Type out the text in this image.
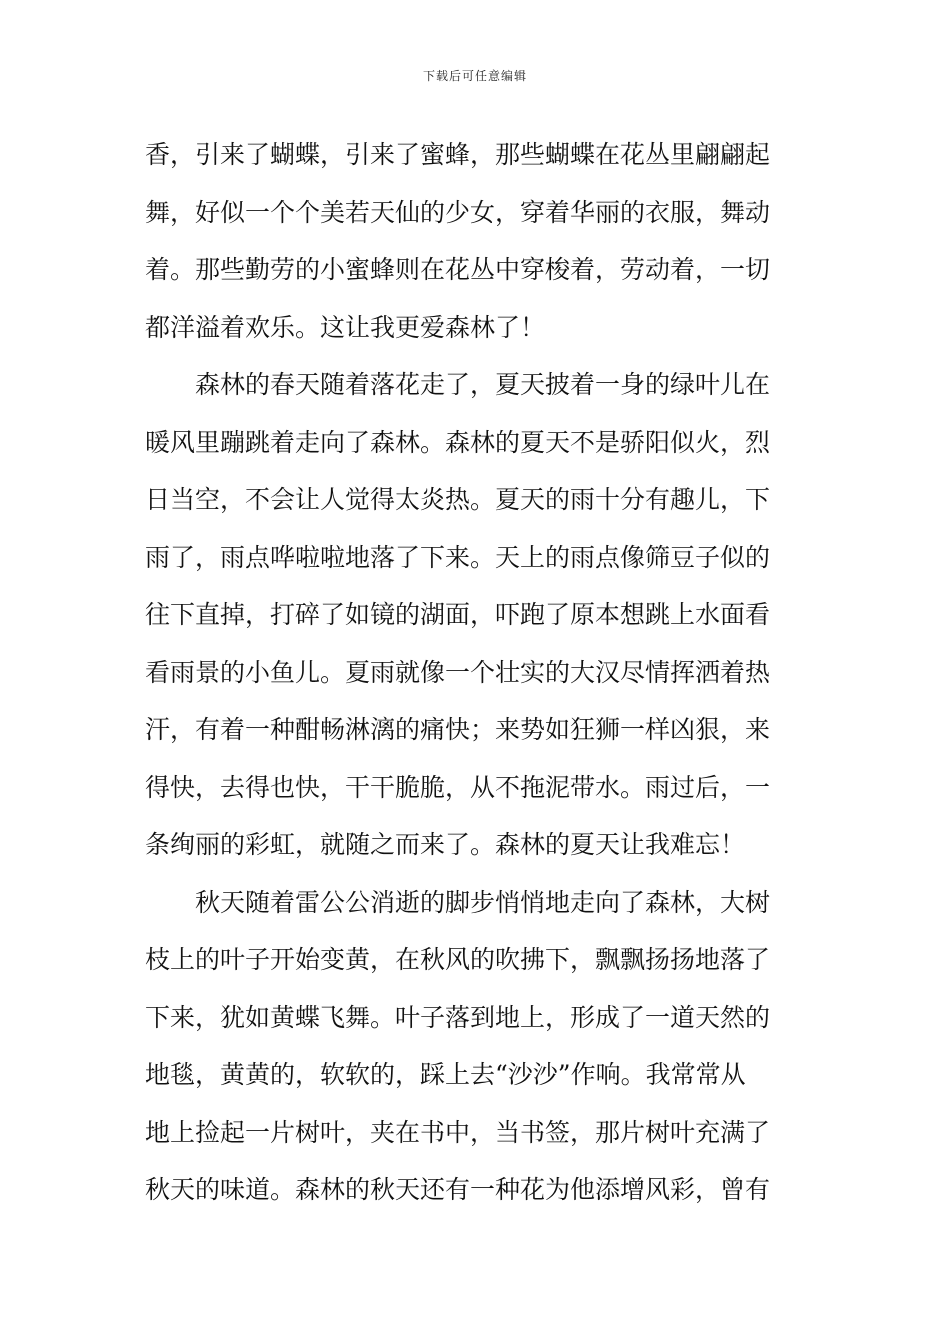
下载后可任意编辑
香，引来了蝴蝶，引来了蜜蜂，那些蝴蝶在花丛里翩翩起
舞，好似一个个美若天仙的少女，穿着华丽的衣服，舞动
着。那些勤劳的小蜜蜂则在花丛中穿梭着，劳动着，一切
都洋溢着欢乐。这让我更爱森林了！
　　森林的春天随着落花走了，夏天披着一身的绿叶儿在
暖风里蹦跳着走向了森林。森林的夏天不是骄阳似火，烈
日当空，不会让人觉得太炎热。夏天的雨十分有趣儿，下
雨了，雨点哗啦啦地落了下来。天上的雨点像筛豆子似的
往下直掉，打碎了如镜的湖面，吓跑了原本想跳上水面看
看雨景的小鱼儿。夏雨就像一个壮实的大汉尽情挥洒着热
汗，有着一种酣畅淋漓的痛快；来势如狂狮一样凶狠，来
得快，去得也快，干干脆脆，从不拖泥带水。雨过后，一
条绚丽的彩虹，就随之而来了。森林的夏天让我难忘！
　　秋天随着雷公公消逝的脚步悄悄地走向了森林，大树
枝上的叶子开始变黄，在秋风的吹拂下，飘飘扬扬地落了
下来，犹如黄蝶飞舞。叶子落到地上，形成了一道天然的
地毯，黄黄的，软软的，踩上去“沙沙”作响。我常常从
地上捡起一片树叶，夹在书中，当书签，那片树叶充满了
秋天的味道。森林的秋天还有一种花为他添增风彩，曾有
